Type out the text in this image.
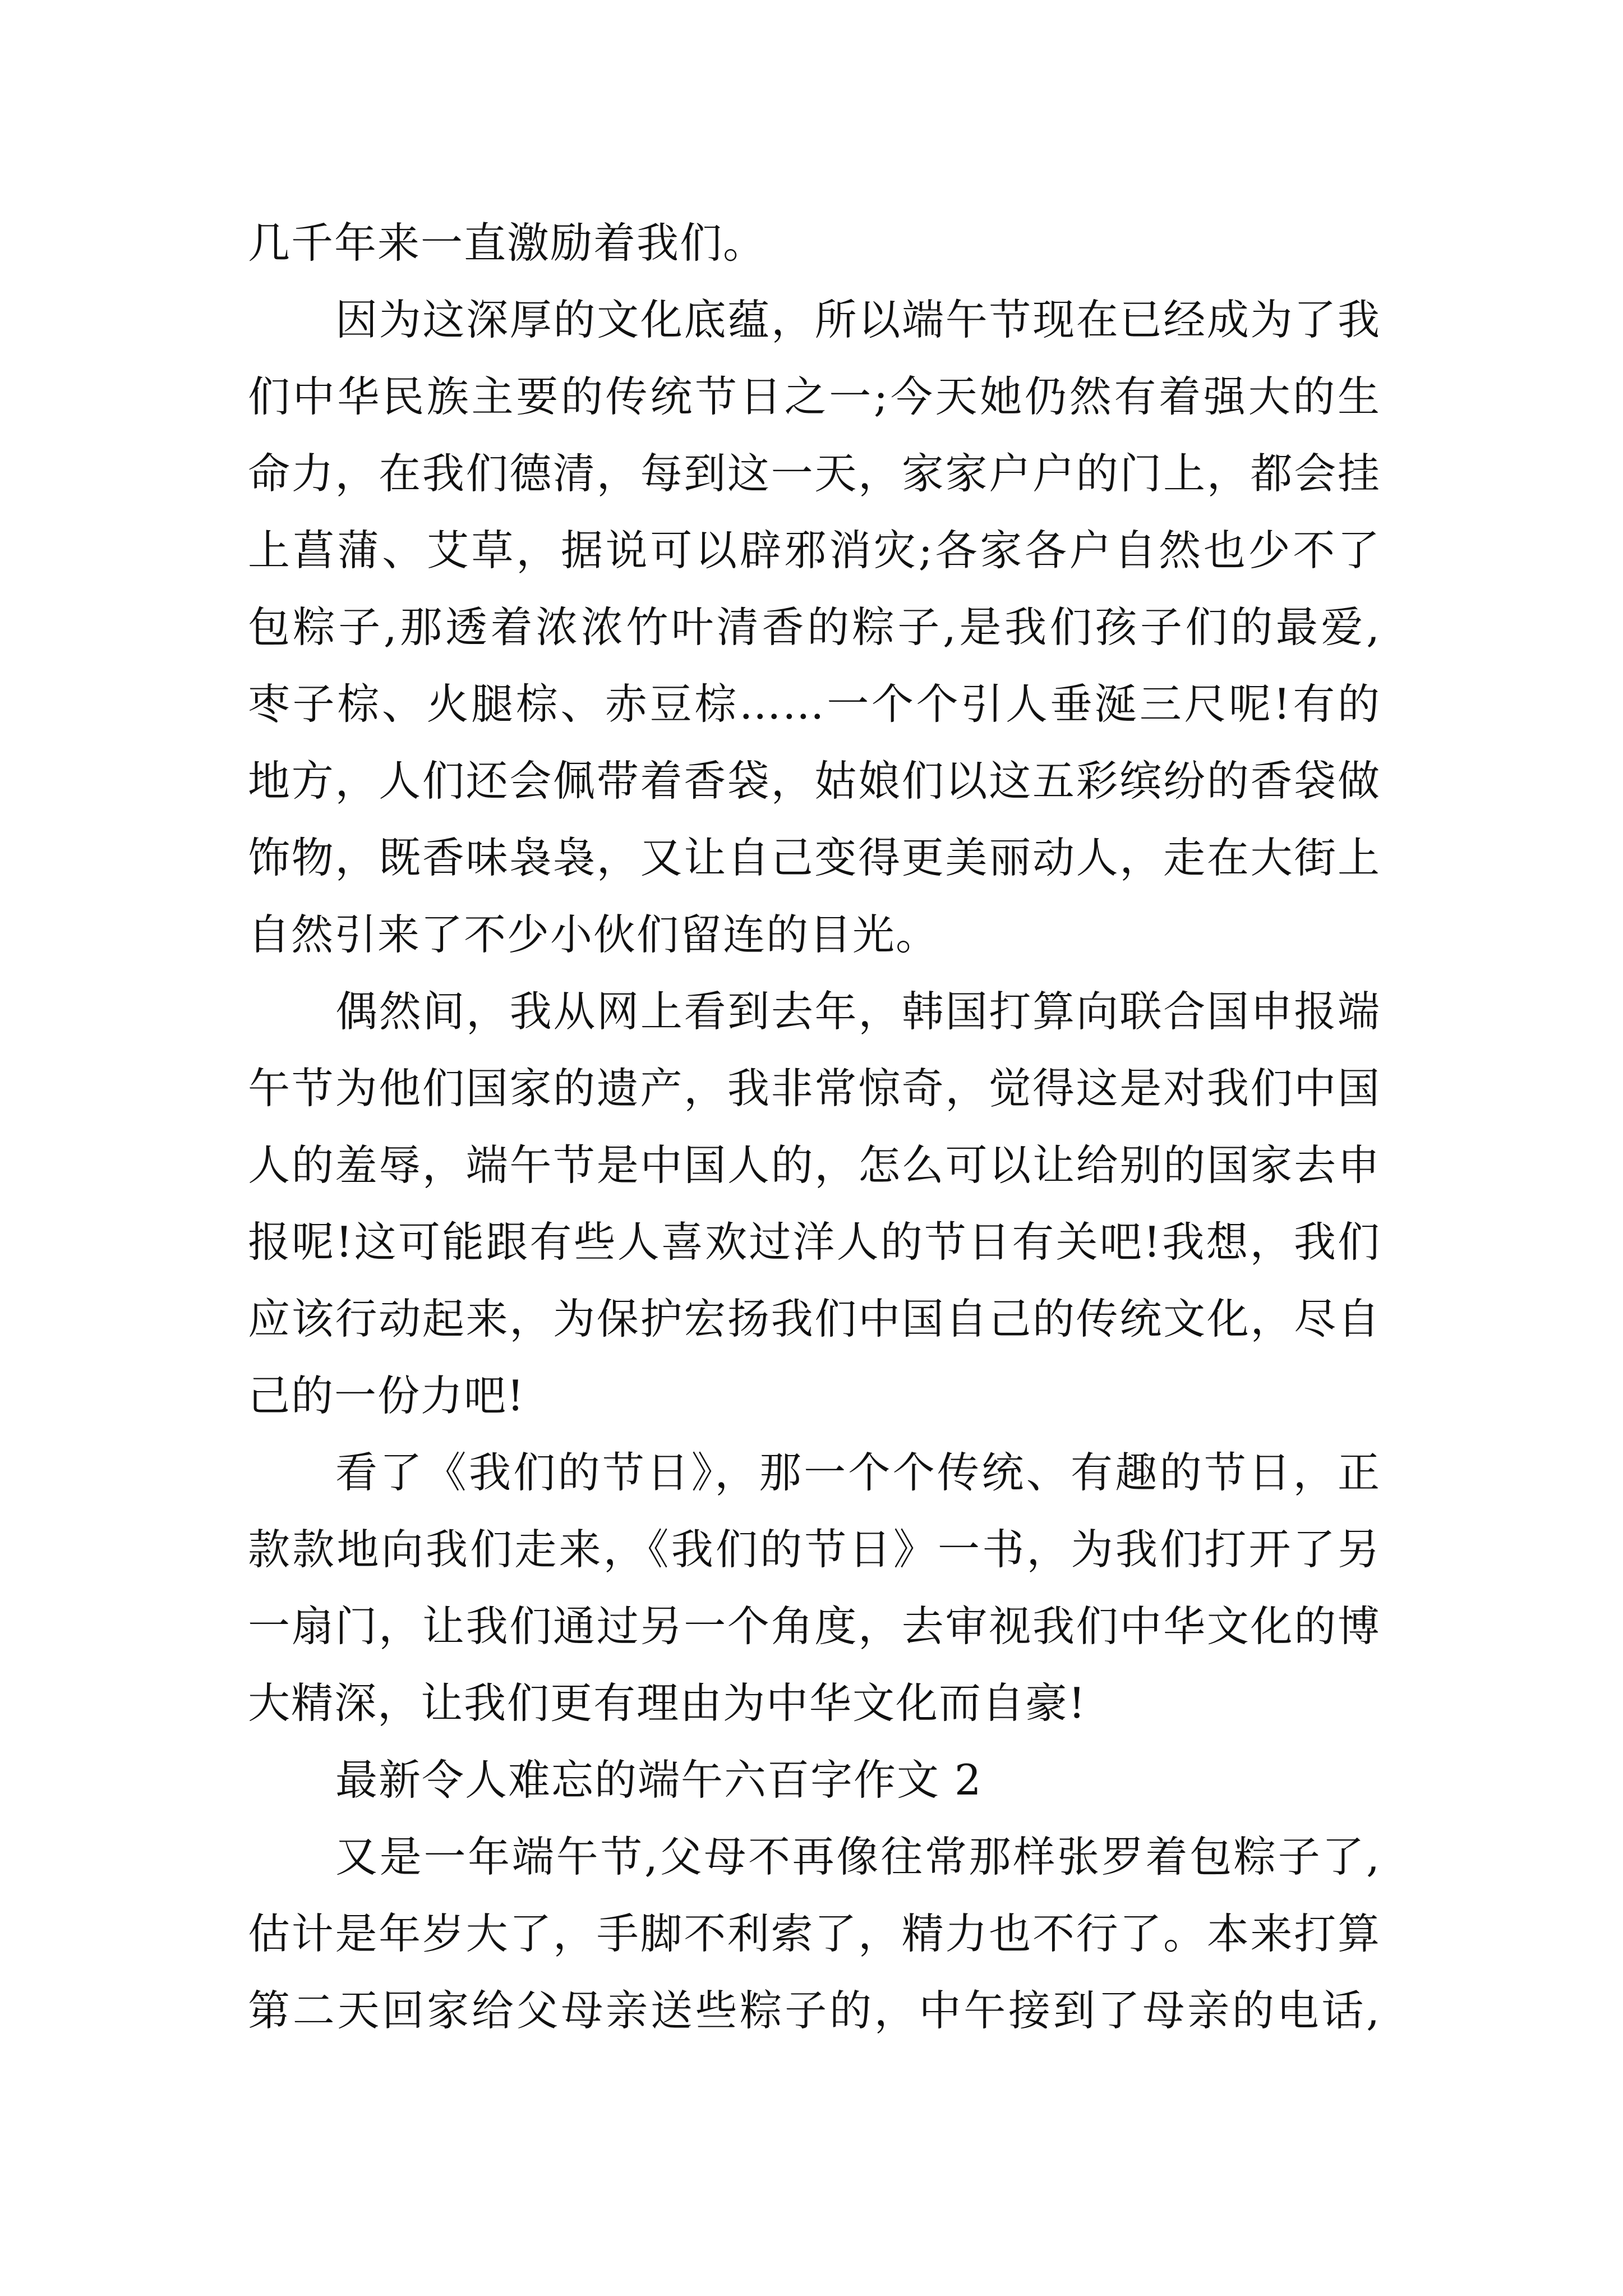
几千年来一直激励着我们。
因为这深厚的文化底蕴，所以端午节现在已经成为了我
们中华民族主要的传统节日之一;今天她仍然有着强大的生
命力，在我们德清，每到这一天，家家户户的门上，都会挂
上菖蒲、艾草，据说可以辟邪消灾;各家各户自然也少不了
包粽子,那透着浓浓竹叶清香的粽子,是我们孩子们的最爱,
枣子棕、火腿棕、赤豆棕……一个个引人垂涎三尺呢!有的
地方，人们还会佩带着香袋，姑娘们以这五彩缤纷的香袋做
饰物，既香味袅袅，又让自己变得更美丽动人，走在大街上
自然引来了不少小伙们留连的目光。
偶然间，我从网上看到去年，韩国打算向联合国申报端
午节为他们国家的遗产，我非常惊奇，觉得这是对我们中国
人的羞辱，端午节是中国人的，怎么可以让给别的国家去申
报呢!这可能跟有些人喜欢过洋人的节日有关吧!我想，我们
应该行动起来，为保护宏扬我们中国自己的传统文化，尽自
己的一份力吧!
看了《我们的节日》，那一个个传统、有趣的节日，正
款款地向我们走来，《我们的节日》一书，为我们打开了另
一扇门，让我们通过另一个角度，去审视我们中华文化的博
大精深，让我们更有理由为中华文化而自豪!
最新令人难忘的端午六百字作文 2
又是一年端午节,父母不再像往常那样张罗着包粽子了,
估计是年岁大了，手脚不利索了，精力也不行了。本来打算
第二天回家给父母亲送些粽子的，中午接到了母亲的电话,
